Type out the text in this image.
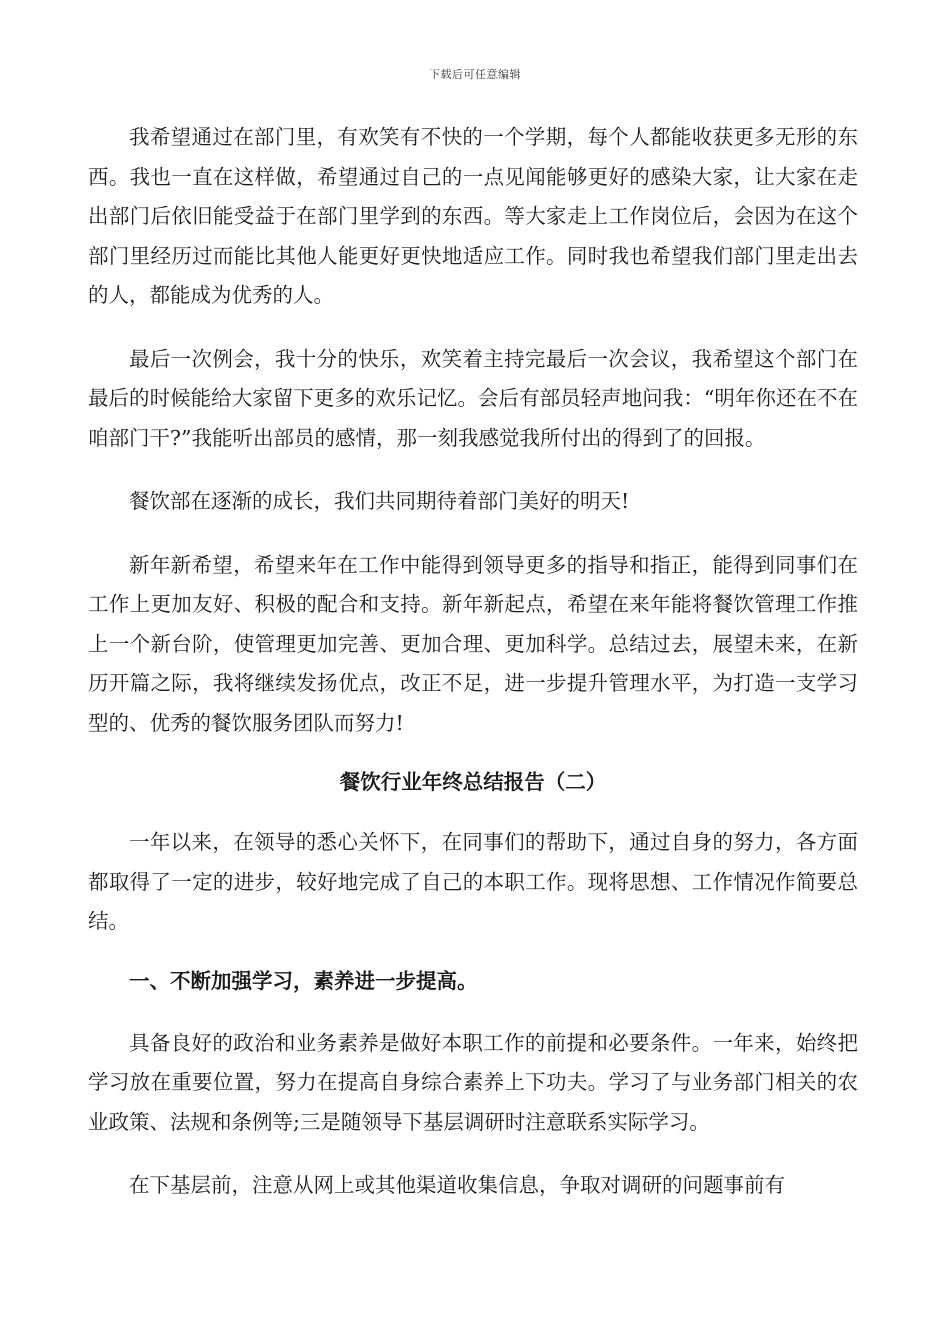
下载后可任意编辑

我希望通过在部门里，有欢笑有不快的一个学期，每个人都能收获更多无形的东西。我也一直在这样做，希望通过自己的一点见闻能够更好的感染大家，让大家在走出部门后依旧能受益于在部门里学到的东西。等大家走上工作岗位后，会因为在这个部门里经历过而能比其他人能更好更快地适应工作。同时我也希望我们部门里走出去的人，都能成为优秀的人。

最后一次例会，我十分的快乐，欢笑着主持完最后一次会议，我希望这个部门在最后的时候能给大家留下更多的欢乐记忆。会后有部员轻声地问我：“明年你还在不在咱部门干?”我能听出部员的感情，那一刻我感觉我所付出的得到了的回报。

餐饮部在逐渐的成长，我们共同期待着部门美好的明天!

新年新希望，希望来年在工作中能得到领导更多的指导和指正，能得到同事们在工作上更加友好、积极的配合和支持。新年新起点，希望在来年能将餐饮管理工作推上一个新台阶，使管理更加完善、更加合理、更加科学。总结过去，展望未来，在新历开篇之际，我将继续发扬优点，改正不足，进一步提升管理水平，为打造一支学习型的、优秀的餐饮服务团队而努力!

餐饮行业年终总结报告（二）

一年以来，在领导的悉心关怀下，在同事们的帮助下，通过自身的努力，各方面都取得了一定的进步，较好地完成了自己的本职工作。现将思想、工作情况作简要总结。

一、不断加强学习，素养进一步提高。

具备良好的政治和业务素养是做好本职工作的前提和必要条件。一年来，始终把学习放在重要位置，努力在提高自身综合素养上下功夫。学习了与业务部门相关的农业政策、法规和条例等;三是随领导下基层调研时注意联系实际学习。

在下基层前，注意从网上或其他渠道收集信息，争取对调研的问题事前有
